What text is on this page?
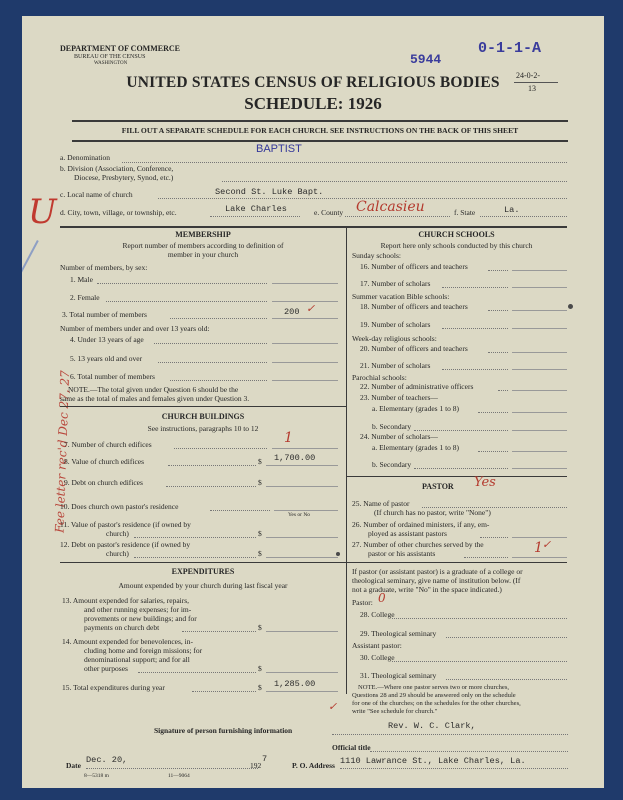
DEPARTMENT OF COMMERCE
BUREAU OF THE CENSUS
WASHINGTON	5944
0-1-1-A
24-0-2-
13
UNITED STATES CENSUS OF RELIGIOUS BODIES
SCHEDULE: 1926
FILL OUT A SEPARATE SCHEDULE FOR EACH CHURCH. SEE INSTRUCTIONS ON THE BACK OF THIS SHEET
a. Denomination
BAPTIST
b. Division (Association, Conference,
Diocese, Presbytery, Synod, etc.)
c. Local name of church	Second St. Luke Bapt.
d. City, town, village, or township, etc.	Lake Charles	e. County Calcasieu	f. State	La.
U
Fee letter rec'd Dec 27, 27
MEMBERSHIP
Report number of members according to definition of
member in your church
Number of members, by sex:
1. Male
2. Female
3. Total number of members	200 ✓
Number of members under and over 13 years old:
4. Under 13 years of age
5. 13 years old and over
6. Total number of members
NOTE.—The total given under Question 6 should be the
same as the total of males and females given under Question 3.
CHURCH BUILDINGS
See instructions, paragraphs 10 to 12
7. Number of church edifices	1
8. Value of church edifices	$ 1,700.00
9. Debt on church edifices	$
10. Does church own pastor's residence
Yes or No
11. Value of pastor's residence (if owned by
church)	$
12. Debt on pastor's residence (if owned by
church)	$
EXPENDITURES
Amount expended by your church during last fiscal year
13. Amount expended for salaries, repairs,
and other running expenses; for im-
provements or new buildings; and for
payments on church debt	$
14. Amount expended for benevolences, in-
cluding home and foreign missions; for
denominational support; and for all
other purposes	$
15. Total expenditures during year	$ 1,285.00
CHURCH SCHOOLS
Report here only schools conducted by this church
Sunday schools:
16. Number of officers and teachers
17. Number of scholars
Summer vacation Bible schools:
18. Number of officers and teachers
19. Number of scholars
Week-day religious schools:
20. Number of officers and teachers
21. Number of scholars
Parochial schools:
22. Number of administrative officers
23. Number of teachers—
a. Elementary (grades 1 to 8)
b. Secondary
24. Number of scholars—
a. Elementary (grades 1 to 8)
b. Secondary
PASTOR Yes
25. Name of pastor
(If church has no pastor, write "None")
26. Number of ordained ministers, if any, em-
ployed as assistant pastors
27. Number of other churches served by the
pastor or his assistants	1 ✓
If pastor (or assistant pastor) is a graduate of a college or
theological seminary, give name of institution below. (If
not a graduate, write "No" in the space indicated.)
Pastor: 0
28. College
29. Theological seminary
Assistant pastor:
30. College
31. Theological seminary
NOTE.—Where one pastor serves two or more churches,
Questions 28 and 29 should be answered only on the schedule
for one of the churches; on the schedules for the other churches,
write "See schedule for church."
✓
Signature of person furnishing information	Rev. W. C. Clark,
Official title
Date
Dec. 20,
192
7
P. O. Address 1110 Lawrance St., Lake Charles, La.
8—5318 m	11—9064
